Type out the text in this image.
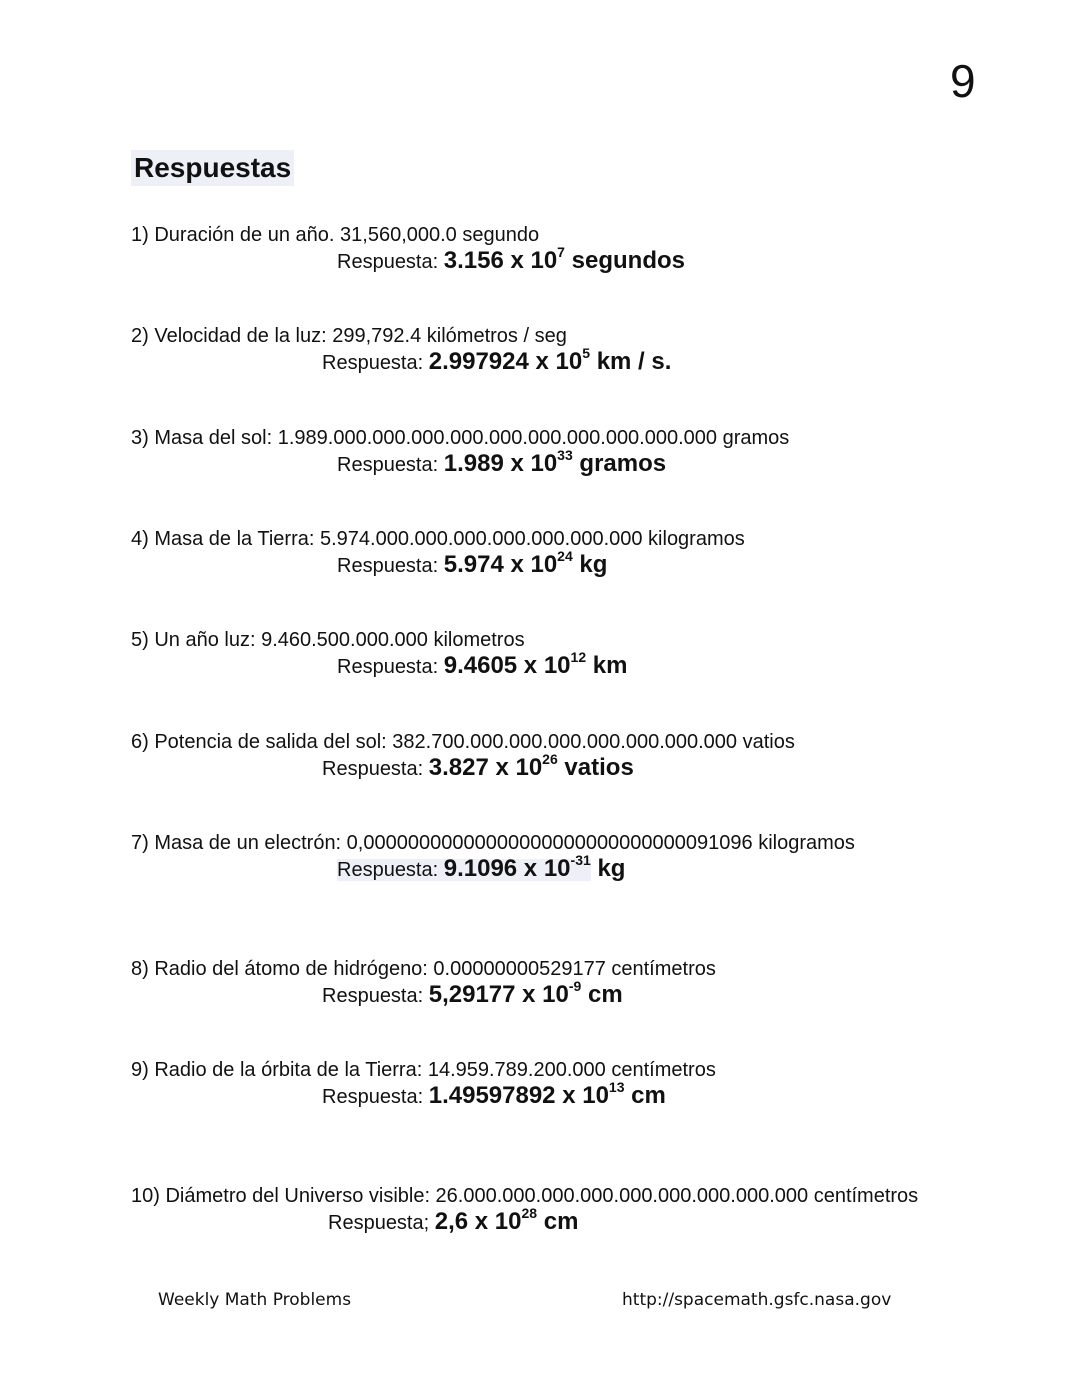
9
Respuestas
1) Duración de un año. 31,560,000.0 segundo
Respuesta: 3.156 x $10^7$ segundos
2) Velocidad de la luz: 299,792.4 kilómetros / seg
Respuesta: 2.997924 x $10^5$ km / s.
3) Masa del sol: 1.989.000.000.000.000.000.000.000.000.000.000 gramos
Respuesta: 1.989 x $10^{33}$ gramos
4) Masa de la Tierra: 5.974.000.000.000.000.000.000.000 kilogramos
Respuesta: 5.974 x $10^{24}$ kg
5) Un año luz: 9.460.500.000.000 kilometros
Respuesta: 9.4605 x $10^{12}$ km
6) Potencia de salida del sol: 382.700.000.000.000.000.000.000.000 vatios
Respuesta: 3.827 x $10^{26}$ vatios
7) Masa de un electrón: 0,00000000000000000000000000000091096 kilogramos
Respuesta: 9.1096 x $10^{-31}$ kg
8) Radio del átomo de hidrógeno: 0.00000000529177 centímetros
Respuesta: 5,29177 x $10^{-9}$ cm
9) Radio de la órbita de la Tierra: 14.959.789.200.000 centímetros
Respuesta: 1.49597892 x $10^{13}$ cm
10) Diámetro del Universo visible: 26.000.000.000.000.000.000.000.000.000 centímetros
Respuesta; 2,6 x $10^{28}$ cm
Weekly Math Problems	http://spacemath.gsfc.nasa.gov
